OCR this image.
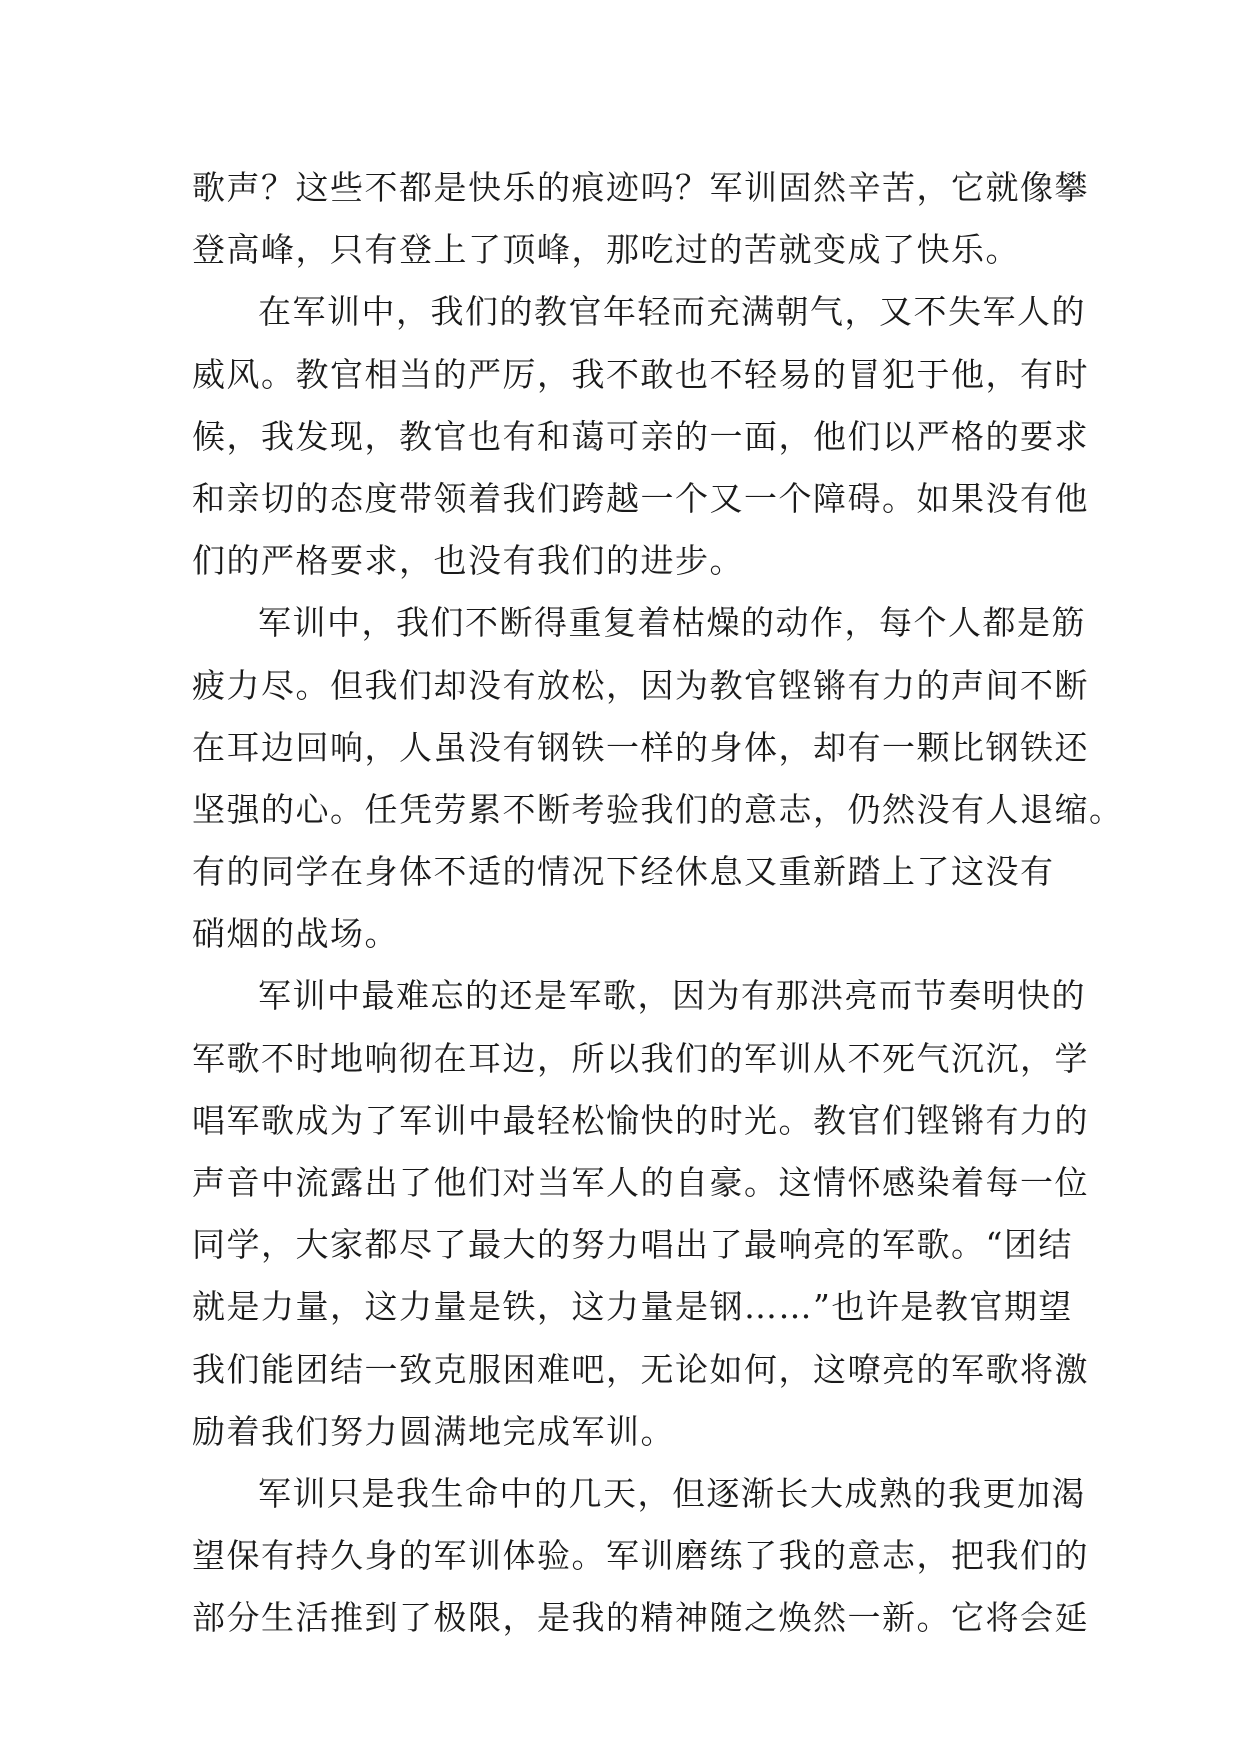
歌声？这些不都是快乐的痕迹吗？军训固然辛苦，它就像攀
登高峰，只有登上了顶峰，那吃过的苦就变成了快乐。
在军训中，我们的教官年轻而充满朝气，又不失军人的
威风。教官相当的严厉，我不敢也不轻易的冒犯于他，有时
候，我发现，教官也有和蔼可亲的一面，他们以严格的要求
和亲切的态度带领着我们跨越一个又一个障碍。如果没有他
们的严格要求，也没有我们的进步。
军训中，我们不断得重复着枯燥的动作，每个人都是筋
疲力尽。但我们却没有放松，因为教官铿锵有力的声间不断
在耳边回响，人虽没有钢铁一样的身体，却有一颗比钢铁还
坚强的心。任凭劳累不断考验我们的意志，仍然没有人退缩。
有的同学在身体不适的情况下经休息又重新踏上了这没有
硝烟的战场。
军训中最难忘的还是军歌，因为有那洪亮而节奏明快的
军歌不时地响彻在耳边，所以我们的军训从不死气沉沉，学
唱军歌成为了军训中最轻松愉快的时光。教官们铿锵有力的
声音中流露出了他们对当军人的自豪。这情怀感染着每一位
同学，大家都尽了最大的努力唱出了最响亮的军歌。“团结
就是力量，这力量是铁，这力量是钢……”也许是教官期望
我们能团结一致克服困难吧，无论如何，这嘹亮的军歌将激
励着我们努力圆满地完成军训。
军训只是我生命中的几天，但逐渐长大成熟的我更加渴
望保有持久身的军训体验。军训磨练了我的意志，把我们的
部分生活推到了极限，是我的精神随之焕然一新。它将会延
